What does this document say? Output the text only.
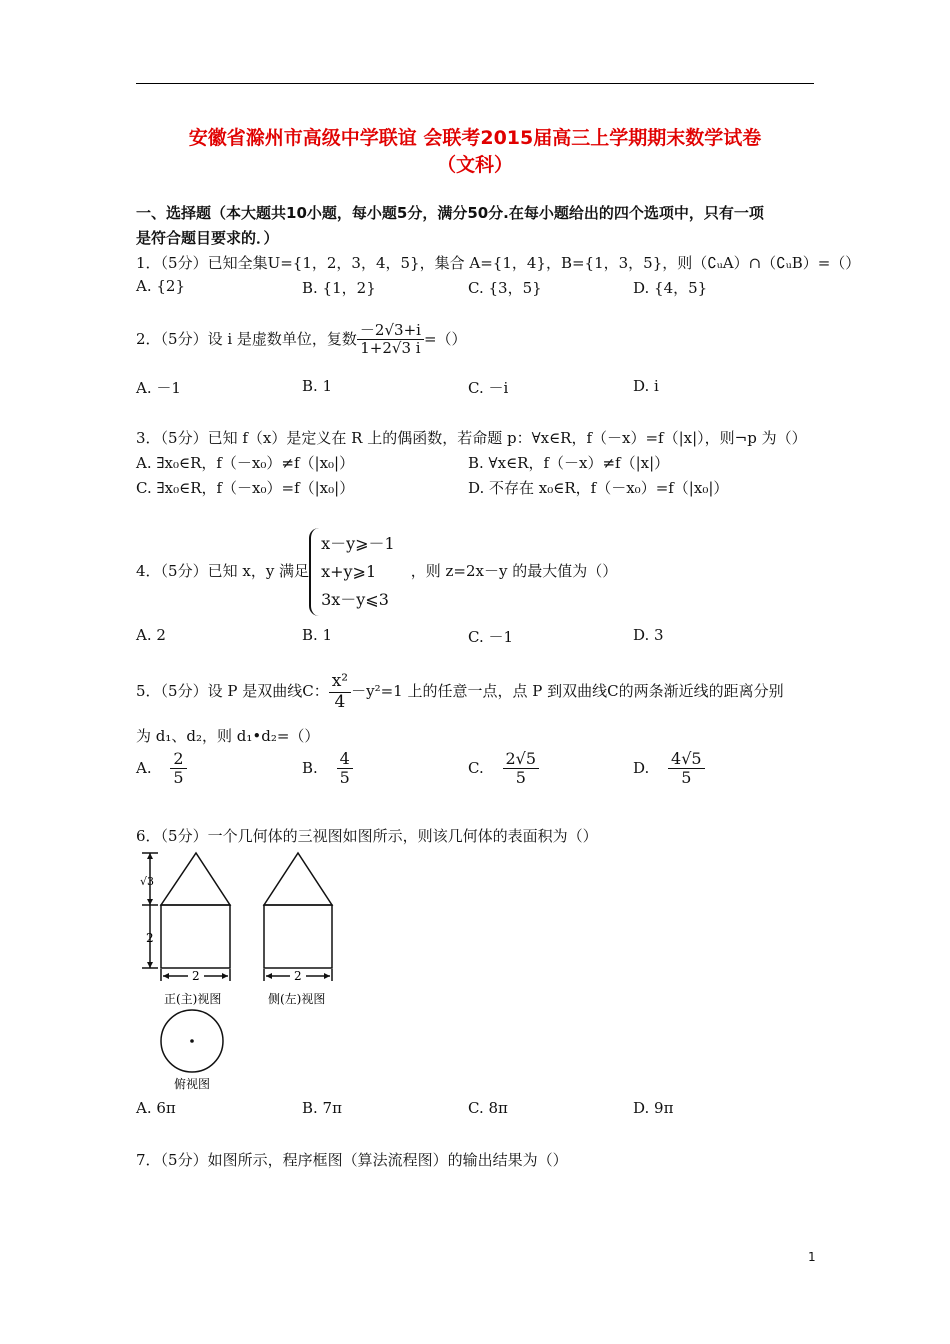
安徽省滁州市高级中学联谊 会联考2015届高三上学期期末数学试卷
（文科）
一、选择题（本大题共10小题，每小题5分，满分50分.在每小题给出的四个选项中，只有一项
是符合题目要求的．）
1．（5分）已知全集U={1，2，3，4，5}，集合 A={1，4}，B={1，3，5}，则（∁ᵤA）∩（∁ᵤB）=（）
A. {2}	B. {1，2}	C. {3，5}	D. {4，5}
2．（5分）设 i 是虚数单位，复数 $\frac{-2√3+i}{1+2√3 i}$ =（）
A. －1	B. 1	C. －i	D. i
3．（5分）已知 f（x）是定义在 R 上的偶函数，若命题 p：∀x∈R，f（－x）=f（|x|），则¬p 为（）
A. ∃x₀∈R，f（－x₀）≠f（|x₀|）	B. ∀x∈R，f（－x）≠f（|x|）
C. ∃x₀∈R，f（－x₀）=f（|x₀|）	D. 不存在 x₀∈R，f（－x₀）=f（|x₀|）
4．（5分）已知 x，y 满足
x－y⩾－1
x+y⩾1
3x－y⩽3
，则 z=2x－y 的最大值为（）
A. 2	B. 1	C. －1	D. 3
5．（5分）设 P 是双曲线C： $\frac{\text{x²}}{4} -y^2=1$ 上的任意一点，点 P 到双曲线C的两条渐近线的距离分别
为 d₁、d₂，则 d₁•d₂=（）
A. $\frac{2}{5}$	B. $\frac{4}{5}$	C. $\frac{2√5}{5}$	D. $\frac{4√5}{5}$
6．（5分）一个几何体的三视图如图所示，则该几何体的表面积为（）
√3
2
2	2
正(主)视图	侧(左)视图
俯视图
A. 6π	B. 7π	C. 8π	D. 9π
7．（5分）如图所示，程序框图（算法流程图）的输出结果为（）
1
